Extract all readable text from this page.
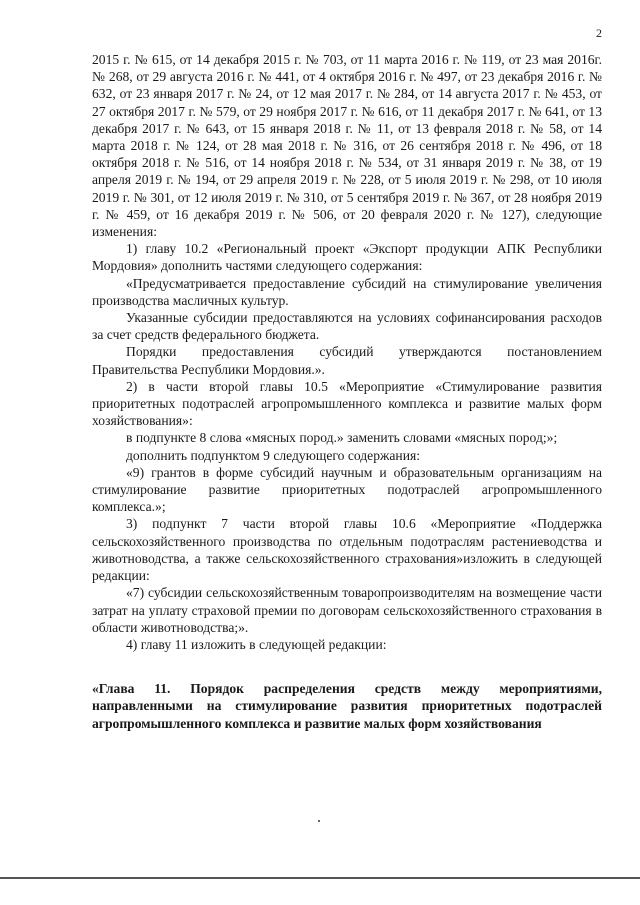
2

2015 г. № 615, от 14 декабря 2015 г. № 703, от 11 марта 2016 г. № 119, от 23 мая 2016г. № 268, от 29 августа 2016 г. № 441, от 4 октября 2016 г. № 497, от 23 декабря 2016 г. № 632, от 23 января 2017 г. № 24, от 12 мая 2017 г. № 284, от 14 августа 2017 г. № 453, от 27 октября 2017 г. № 579, от 29 ноября 2017 г. № 616, от 11 декабря 2017 г. № 641, от 13 декабря 2017 г. № 643, от 15 января 2018 г. № 11, от 13 февраля 2018 г. № 58, от 14 марта 2018 г. № 124, от 28 мая 2018 г. № 316, от 26 сентября 2018 г. № 496, от 18 октября 2018 г. № 516, от 14 ноября 2018 г. № 534, от 31 января 2019 г. № 38, от 19 апреля 2019 г. № 194, от 29 апреля 2019 г. № 228, от 5 июля 2019 г. № 298, от 10 июля 2019 г. № 301, от 12 июля 2019 г. № 310, от 5 сентября 2019 г. № 367, от 28 ноября 2019 г. № 459, от 16 декабря 2019 г. № 506, от 20 февраля 2020 г. № 127), следующие изменения:

1) главу 10.2 «Региональный проект «Экспорт продукции АПК Республики Мордовия» дополнить частями следующего содержания:

«Предусматривается предоставление субсидий на стимулирование увеличения производства масличных культур.

Указанные субсидии предоставляются на условиях софинансирования расходов за счет средств федерального бюджета.

Порядки предоставления субсидий утверждаются постановлением Правительства Республики Мордовия.».

2) в части второй главы 10.5 «Мероприятие «Стимулирование развития приоритетных подотраслей агропромышленного комплекса и развитие малых форм хозяйствования»:

в подпункте 8 слова «мясных пород.» заменить словами «мясных пород;»;

дополнить подпунктом 9 следующего содержания:

«9) грантов в форме субсидий научным и образовательным организациям на стимулирование развитие приоритетных подотраслей агропромышленного комплекса.»;

3) подпункт 7 части второй главы 10.6 «Мероприятие «Поддержка сельскохозяйственного производства по отдельным подотраслям растениеводства и животноводства, а также сельскохозяйственного страхования»изложить в следующей редакции:

«7) субсидии сельскохозяйственным товаропроизводителям на возмещение части затрат на уплату страховой премии по договорам сельскохозяйственного страхования в области животноводства;».

4) главу 11 изложить в следующей редакции:

«Глава 11. Порядок распределения средств между мероприятиями, направленными на стимулирование развития приоритетных подотраслей агропромышленного комплекса и развитие малых форм хозяйствования
